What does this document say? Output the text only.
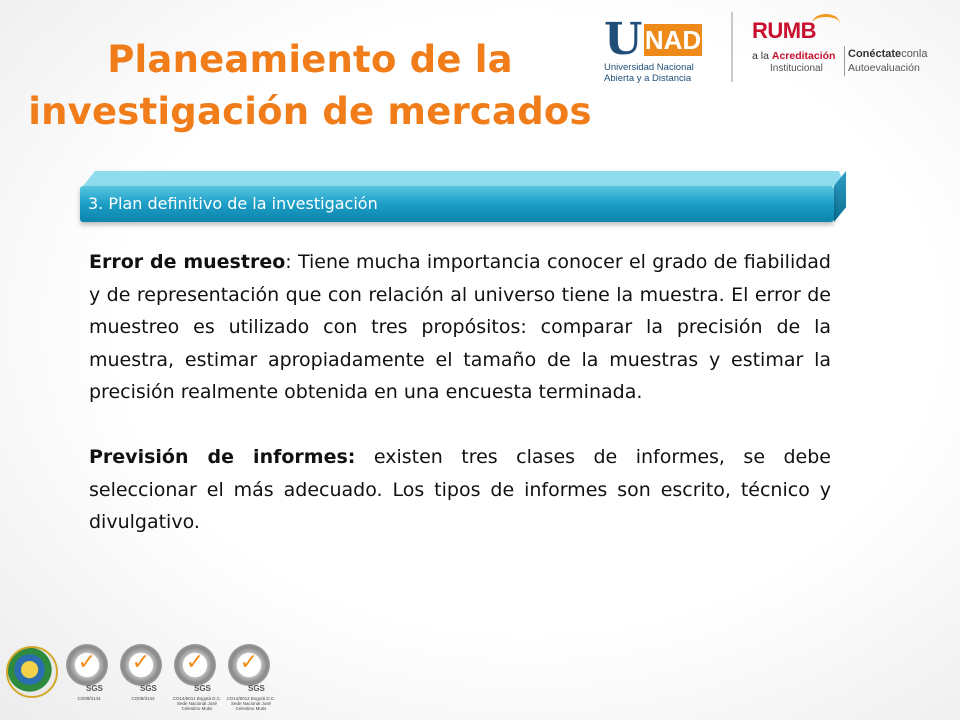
Planeamiento de la
investigación de mercados
U NAD
Universidad Nacional
Abierta y a Distancia
RUMB
a la Acreditación
Institucional
Conéctateconla
Autoevaluación
3. Plan definitivo de la investigación

Error de muestreo: Tiene mucha importancia conocer el grado de fiabilidad y de representación que con relación al universo tiene la muestra. El error de muestreo es utilizado con tres propósitos: comparar la precisión de la muestra, estimar apropiadamente el tamaño de la muestras y estimar la precisión realmente obtenida en una encuesta terminada.

Previsión de informes: existen tres clases de informes, se debe seleccionar el más adecuado. Los tipos de informes son escrito, técnico y divulgativo.

✓
SGS
CO09/3144
✓
SGS
CO09/3143
✓
SGS
CO14/6011 Bogotá D.C. Sede Nacional José Celestino Mutis
✓
SGS
CO14/6012 Bogotá D.C. Sede Nacional José Celestino Mutis
